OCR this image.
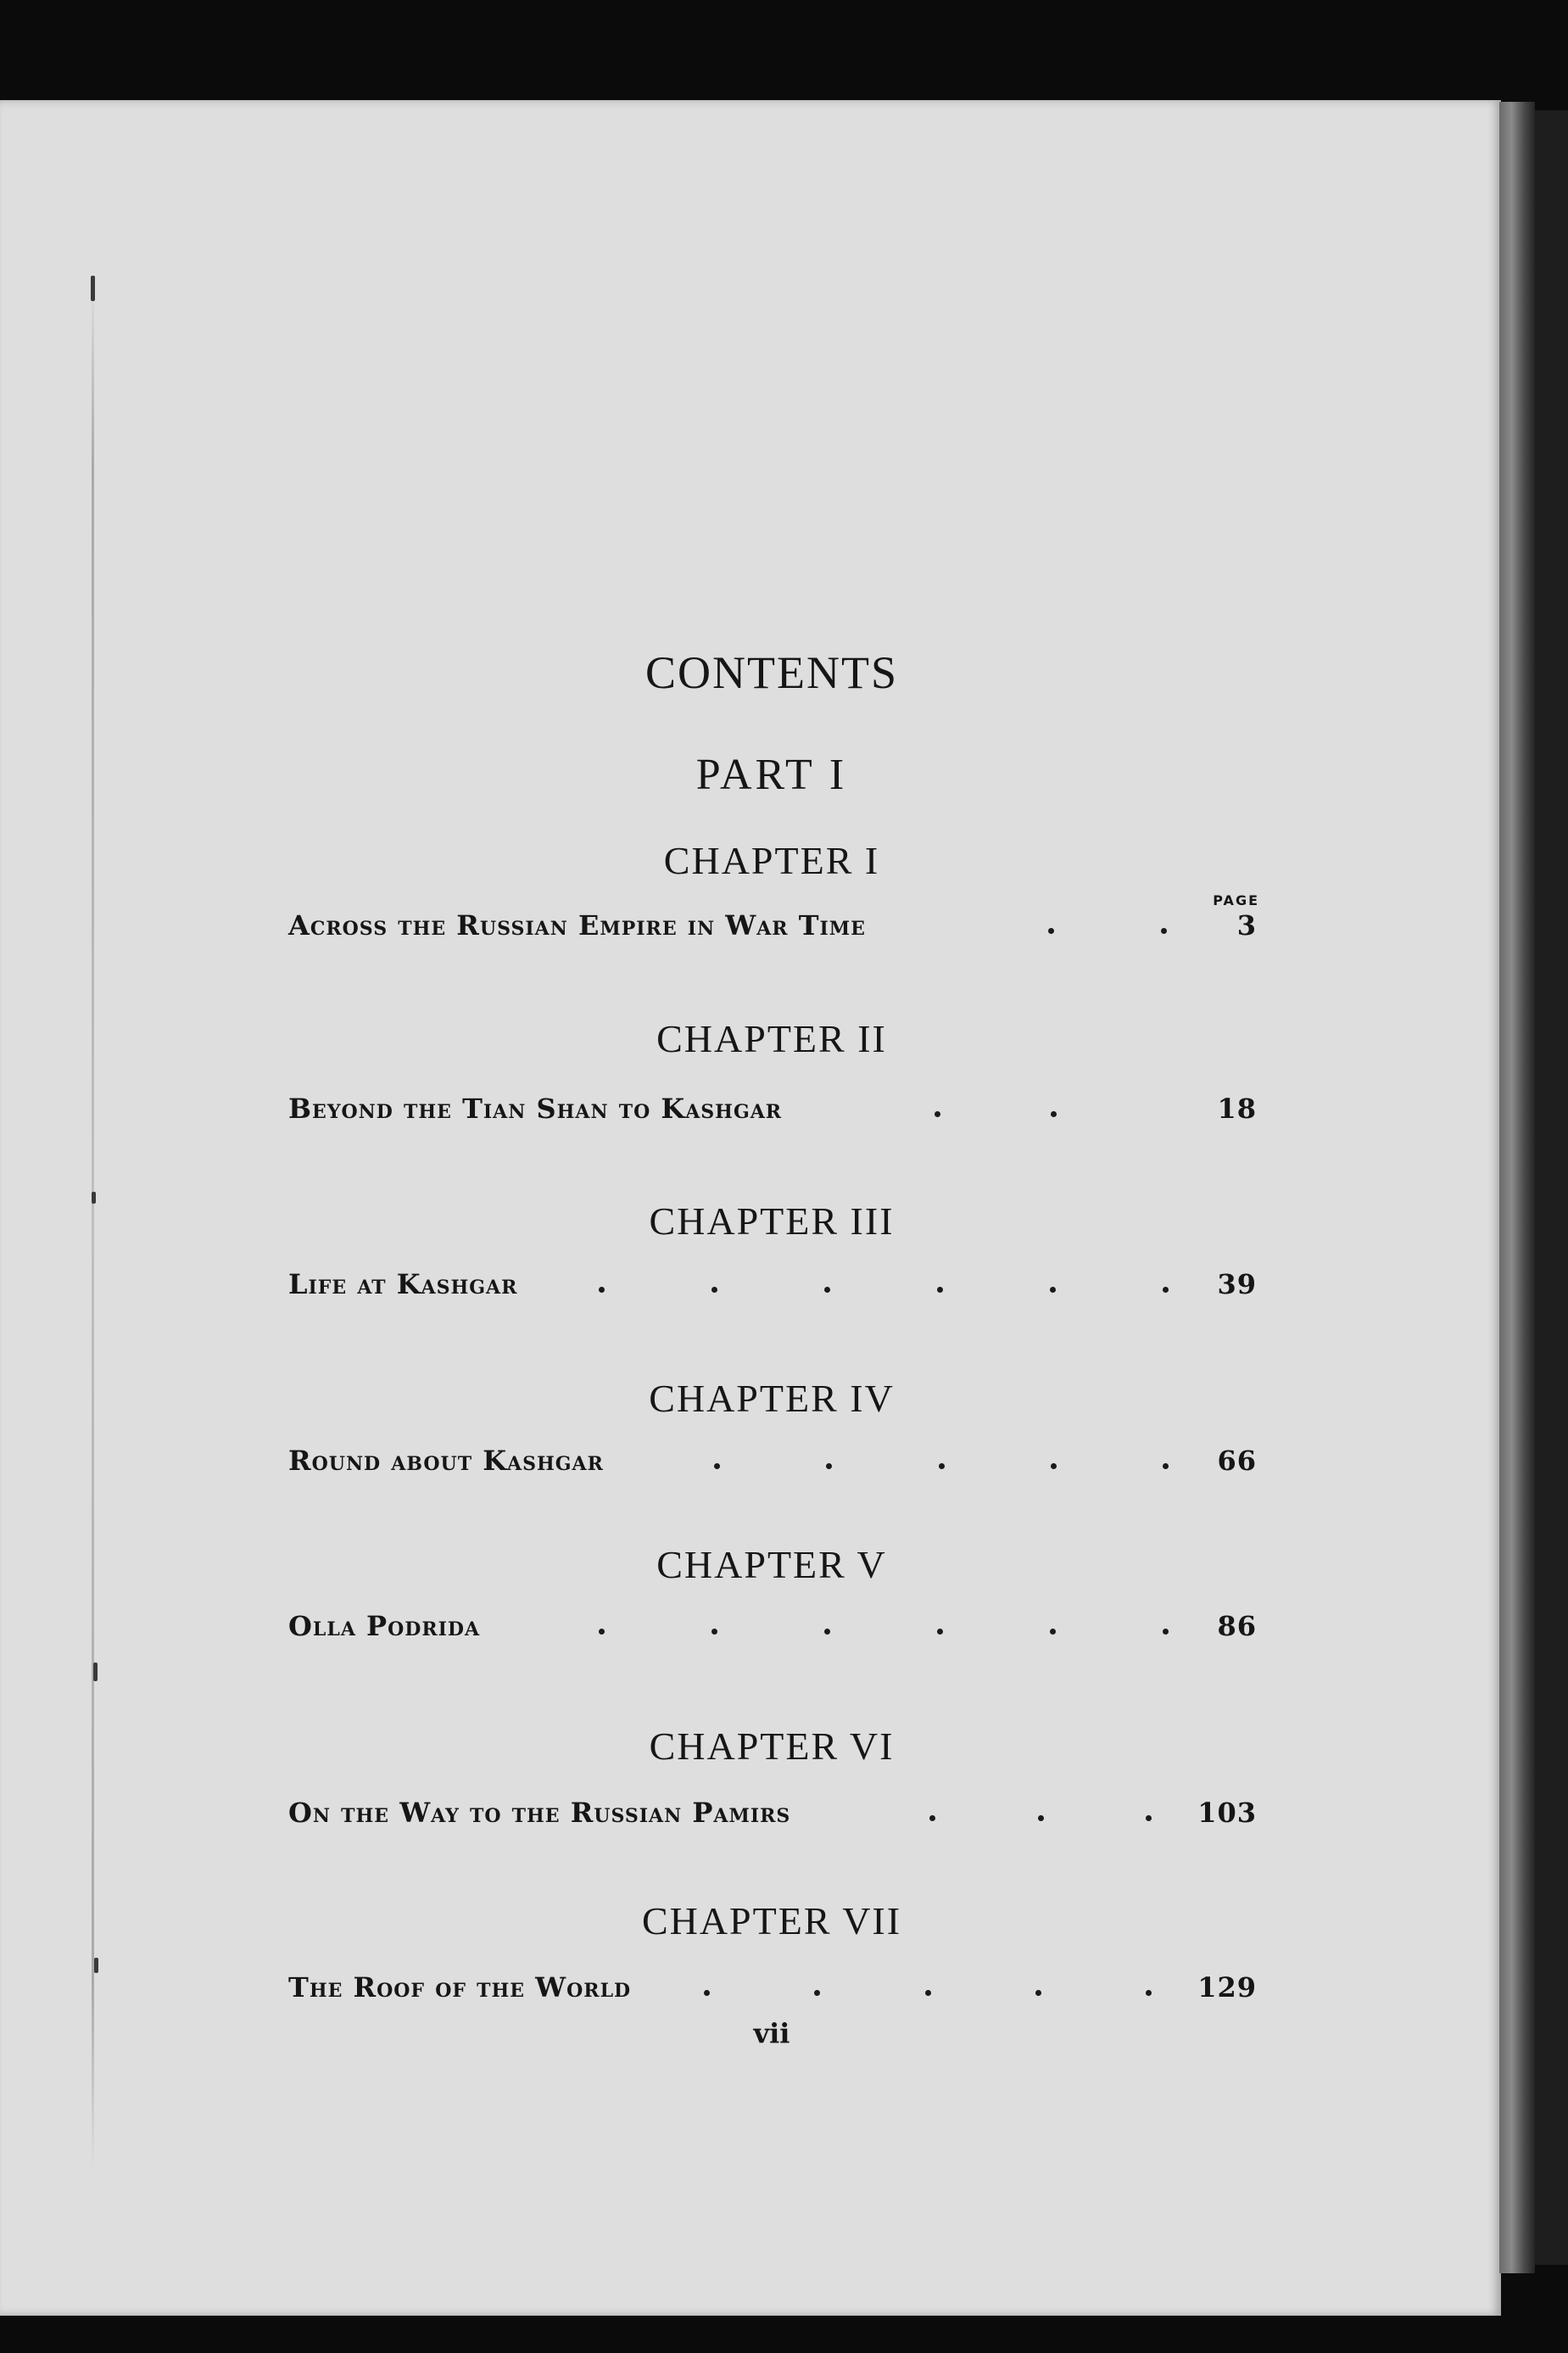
CONTENTS
PART I
PAGE
CHAPTER I
Across the Russian Empire in War Time	3
CHAPTER II
Beyond the Tian Shan to Kashgar	18
CHAPTER III
Life at Kashgar	39
CHAPTER IV
Round about Kashgar	66
CHAPTER V
Olla Podrida	86
CHAPTER VI
On the Way to the Russian Pamirs	103
CHAPTER VII
The Roof of the World	129
vii
